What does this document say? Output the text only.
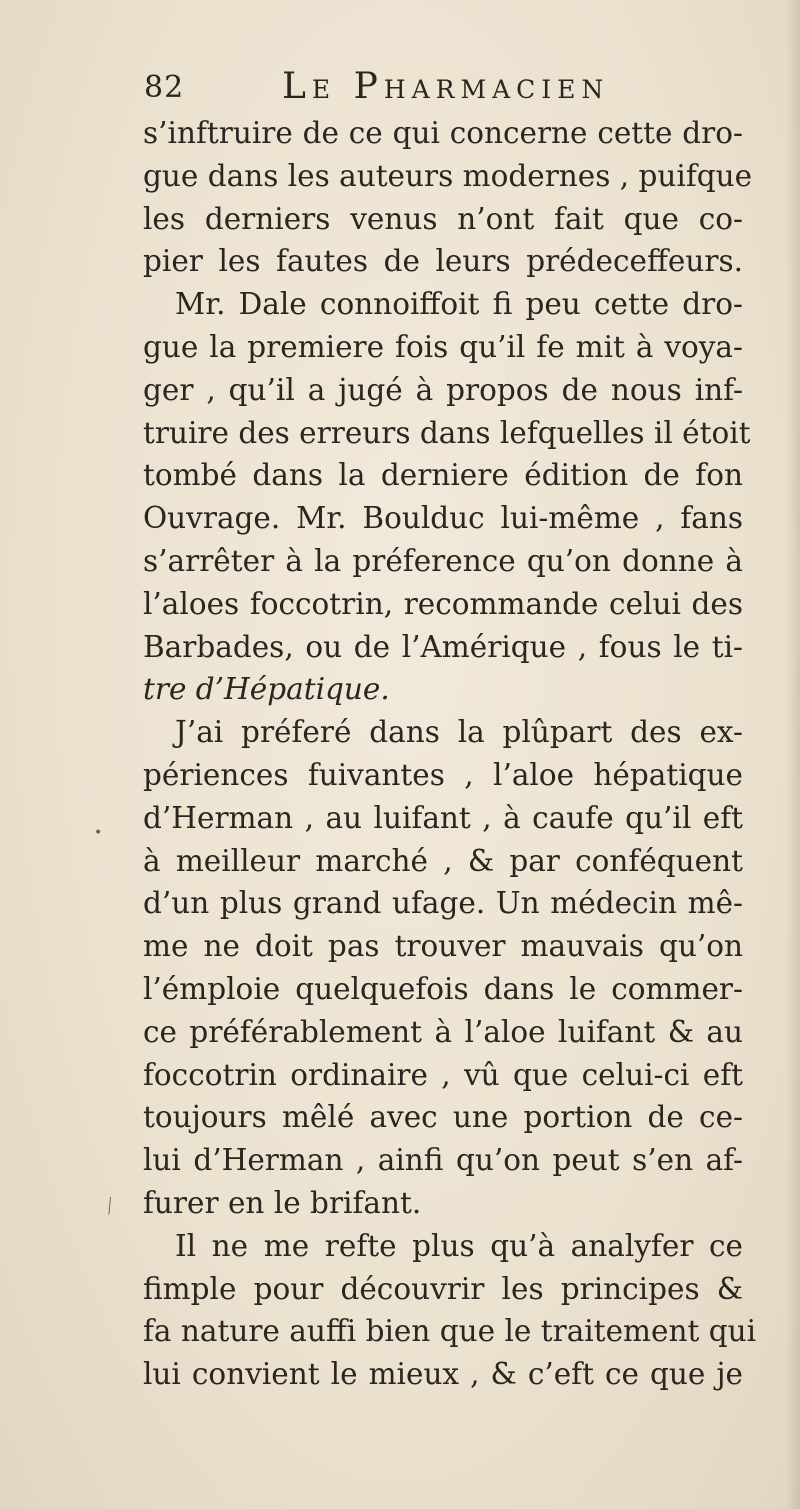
82	Le Pharmacien
s’inftruire de ce qui concerne cette dro-
gue dans les auteurs modernes , puifque
les derniers venus n’ont fait que co-
pier les fautes de leurs prédeceffeurs.
Mr. Dale connoiffoit fi peu cette dro-
gue la premiere fois qu’il fe mit à voya-
ger , qu’il a jugé à propos de nous inf-
truire des erreurs dans lefquelles il étoit
tombé dans la derniere édition de fon
Ouvrage. Mr. Boulduc lui-même , fans
s’arrêter à la préference qu’on donne à
l’aloes foccotrin, recommande celui des
Barbades, ou de l’Amérique , fous le ti-
tre d’Hépatique.
J’ai préferé dans la plûpart des ex-
périences fuivantes , l’aloe hépatique
d’Herman , au luifant , à caufe qu’il eft
à meilleur marché , & par conféquent
d’un plus grand ufage. Un médecin mê-
me ne doit pas trouver mauvais qu’on
l’émploie quelquefois dans le commer-
ce préférablement à l’aloe luifant & au
foccotrin ordinaire , vû que celui-ci eft
toujours mêlé avec une portion de ce-
lui d’Herman , ainfi qu’on peut s’en af-
furer en le brifant.
Il ne me refte plus qu’à analyfer ce
fimple pour découvrir les principes &
fa nature auffi bien que le traitement qui
lui convient le mieux , & c’eft ce que je
•
⟋
